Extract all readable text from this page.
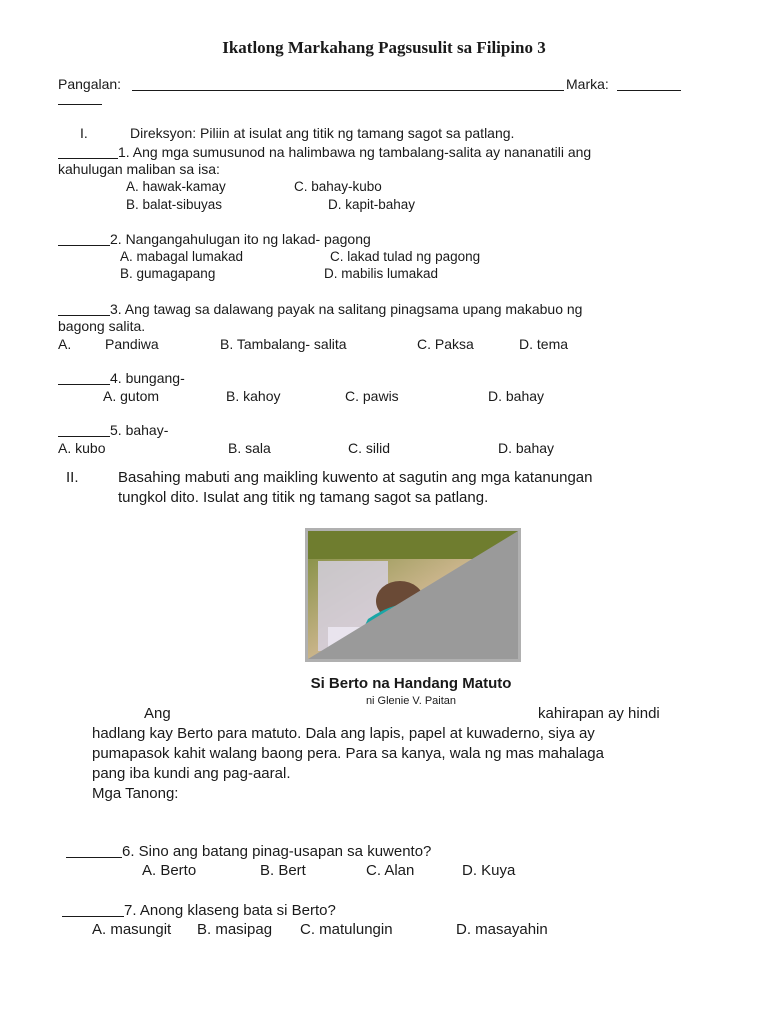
Ikatlong Markahang Pagsusulit sa Filipino 3
Pangalan:	Marka:
I.	Direksyon: Piliin at isulat ang titik ng tamang sagot sa patlang.
1. Ang mga sumusunod na halimbawa ng tambalang-salita ay nananatili ang
kahulugan maliban sa isa:
A. hawak-kamay	C. bahay-kubo
B. balat-sibuyas	D. kapit-bahay
2. Nangangahulugan ito ng lakad- pagong
A. mabagal lumakad	C. lakad tulad ng pagong
B. gumagapang	D. mabilis lumakad
3. Ang tawag sa dalawang payak na salitang pinagsama upang makabuo ng
bagong salita.
A. Pandiwa	B. Tambalang- salita	C. Paksa	D. tema
4. bungang-
A. gutom	B. kahoy	C. pawis	D. bahay
5. bahay-
A. kubo	B. sala	C. silid	D. bahay
II.	Basahing mabuti ang maikling kuwento at sagutin ang mga katanungan
tungkol dito. Isulat ang titik ng tamang sagot sa patlang.
Si Berto na Handang Matuto
ni Glenie V. Paitan
Ang	kahirapan ay hindi
hadlang kay Berto para matuto. Dala ang lapis, papel at kuwaderno, siya ay
pumapasok kahit walang baong pera. Para sa kanya, wala ng mas mahalaga
pang iba kundi ang pag-aaral.
Mga Tanong:
6. Sino ang batang pinag-usapan sa kuwento?
A. Berto	B. Bert	C. Alan	D. Kuya
7. Anong klaseng bata si Berto?
A. masungit B. masipag C. matulungin	D. masayahin
